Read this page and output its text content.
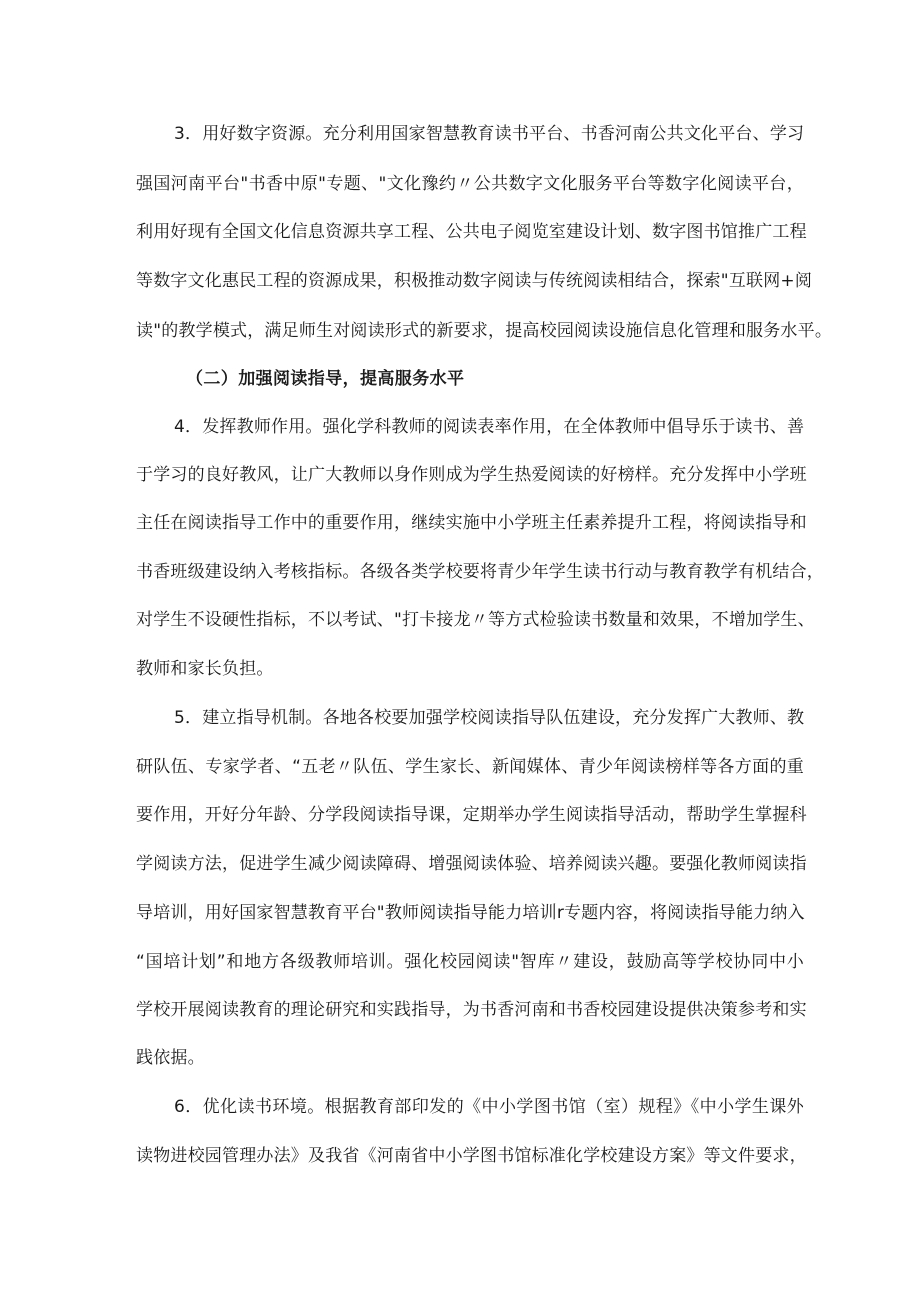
3．用好数字资源。充分利用国家智慧教育读书平台、书香河南公共文化平台、学习
强国河南平台"书香中原"专题、"文化豫约〃公共数字文化服务平台等数字化阅读平台，
利用好现有全国文化信息资源共享工程、公共电子阅览室建设计划、数字图书馆推广工程
等数字文化惠民工程的资源成果，积极推动数字阅读与传统阅读相结合，探索"互联网+阅
读"的教学模式，满足师生对阅读形式的新要求，提高校园阅读设施信息化管理和服务水平。
（二）加强阅读指导，提高服务水平
4．发挥教师作用。强化学科教师的阅读表率作用，在全体教师中倡导乐于读书、善
于学习的良好教风，让广大教师以身作则成为学生热爱阅读的好榜样。充分发挥中小学班
主任在阅读指导工作中的重要作用，继续实施中小学班主任素养提升工程，将阅读指导和
书香班级建设纳入考核指标。各级各类学校要将青少年学生读书行动与教育教学有机结合，
对学生不设硬性指标，不以考试、"打卡接龙〃等方式检验读书数量和效果，不增加学生、
教师和家长负担。
5．建立指导机制。各地各校要加强学校阅读指导队伍建设，充分发挥广大教师、教
研队伍、专家学者、“五老〃队伍、学生家长、新闻媒体、青少年阅读榜样等各方面的重
要作用，开好分年龄、分学段阅读指导课，定期举办学生阅读指导活动，帮助学生掌握科
学阅读方法，促进学生减少阅读障碍、增强阅读体验、培养阅读兴趣。要强化教师阅读指
导培训，用好国家智慧教育平台"教师阅读指导能力培训r专题内容，将阅读指导能力纳入
“国培计划”和地方各级教师培训。强化校园阅读"智库〃建设，鼓励高等学校协同中小
学校开展阅读教育的理论研究和实践指导，为书香河南和书香校园建设提供决策参考和实
践依据。
6．优化读书环境。根据教育部印发的《中小学图书馆（室）规程》《中小学生课外
读物进校园管理办法》及我省《河南省中小学图书馆标准化学校建设方案》等文件要求，
